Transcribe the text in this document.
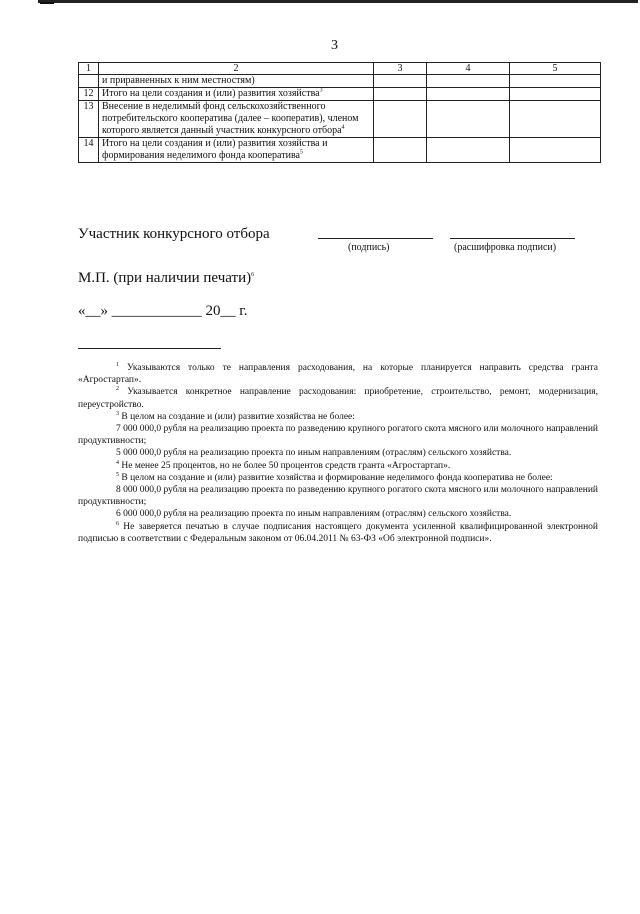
3
1	2	3	4	5
	и приравненных к ним местностям)			
12	Итого на цели создания и (или) развития хозяйства$^3$			
13	Внесение в неделимый фонд сельскохозяйственного потребительского кооператива (далее – кооператив), членом которого является данный участник конкурсного отбора$^4$			
14	Итого на цели создания и (или) развития хозяйства и формирования неделимого фонда кооператива$^5$			
Участник конкурсного отбора
(подпись)	(расшифровка подписи)
М.П. (при наличии печати)$^6$
«__» ____________ 20__ г.

$^1$ Указываются только те направления расходования, на которые планируется направить средства гранта «Агростартап».

$^2$ Указывается конкретное направление расходования: приобретение, строительство, ремонт, модернизация, переустройство.

$^3$ В целом на создание и (или) развитие хозяйства не более:

7 000 000,0 рубля на реализацию проекта по разведению крупного рогатого скота мясного или молочного направлений продуктивности;

5 000 000,0 рубля на реализацию проекта по иным направлениям (отраслям) сельского хозяйства.

$^4$ Не менее 25 процентов, но не более 50 процентов средств гранта «Агростартап».

$^5$ В целом на создание и (или) развитие хозяйства и формирование неделимого фонда кооператива не более:

8 000 000,0 рубля на реализацию проекта по разведению крупного рогатого скота мясного или молочного направлений продуктивности;

6 000 000,0 рубля на реализацию проекта по иным направлениям (отраслям) сельского хозяйства.

$^6$ Не заверяется печатью в случае подписания настоящего документа усиленной квалифицированной электронной подписью в соответствии с Федеральным законом от 06.04.2011 № 63-ФЗ «Об электронной подписи».
